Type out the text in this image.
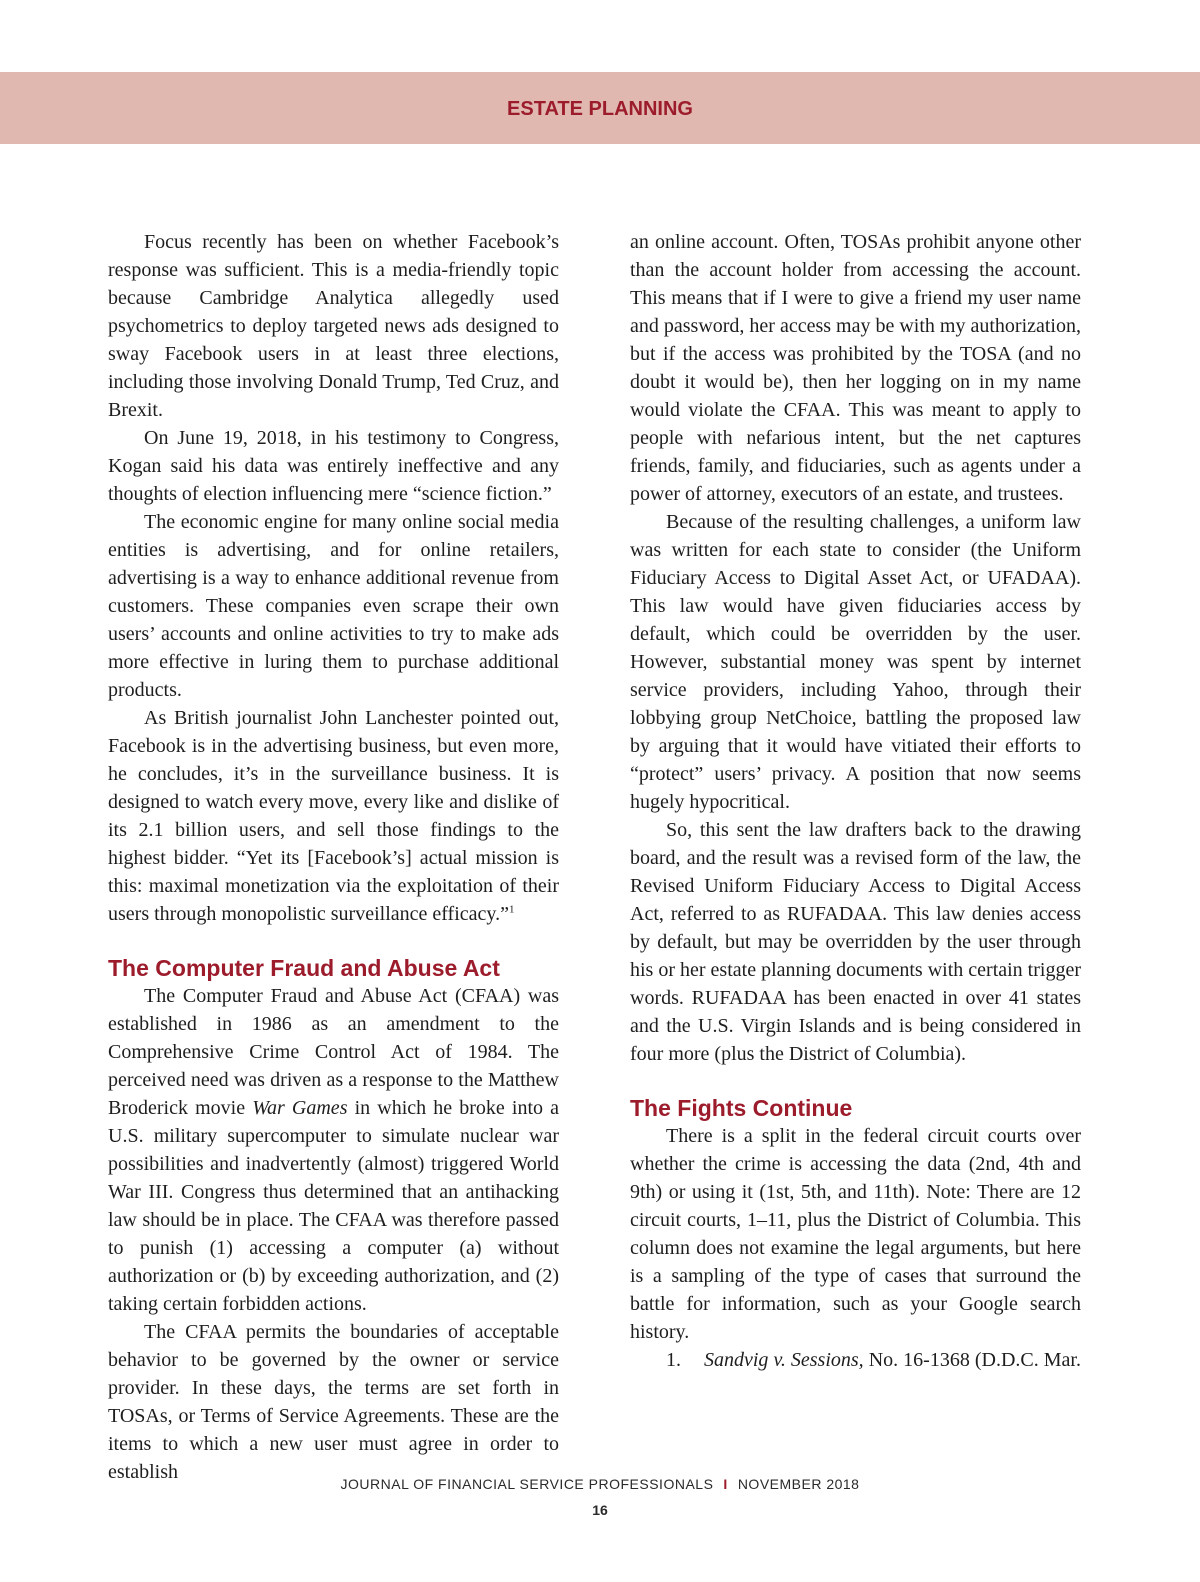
ESTATE PLANNING

Focus recently has been on whether Facebook’s response was sufficient. This is a media-friendly topic because Cambridge Analytica allegedly used psychometrics to deploy targeted news ads designed to sway Facebook users in at least three elections, including those involving Donald Trump, Ted Cruz, and Brexit.

On June 19, 2018, in his testimony to Congress, Kogan said his data was entirely ineffective and any thoughts of election influencing mere “science fiction.”

The economic engine for many online social media entities is advertising, and for online retailers, advertising is a way to enhance additional revenue from customers. These companies even scrape their own users’ accounts and online activities to try to make ads more effective in luring them to purchase additional products.

As British journalist John Lanchester pointed out, Facebook is in the advertising business, but even more, he concludes, it’s in the surveillance business. It is designed to watch every move, every like and dislike of its 2.1 billion users, and sell those findings to the highest bidder. “Yet its [Facebook’s] actual mission is this: maximal monetization via the exploitation of their users through monopolistic surveillance efficacy.”$^1$

The Computer Fraud and Abuse Act

The Computer Fraud and Abuse Act (CFAA) was established in 1986 as an amendment to the Comprehensive Crime Control Act of 1984. The perceived need was driven as a response to the Matthew Broderick movie War Games in which he broke into a U.S. military supercomputer to simulate nuclear war possibilities and inadvertently (almost) triggered World War III. Congress thus determined that an antihacking law should be in place. The CFAA was therefore passed to punish (1) accessing a computer (a) without authorization or (b) by exceeding authorization, and (2) taking certain forbidden actions.

The CFAA permits the boundaries of acceptable behavior to be governed by the owner or service provider. In these days, the terms are set forth in TOSAs, or Terms of Service Agreements. These are the items to which a new user must agree in order to establish

an online account. Often, TOSAs prohibit anyone other than the account holder from accessing the account. This means that if I were to give a friend my user name and password, her access may be with my authorization, but if the access was prohibited by the TOSA (and no doubt it would be), then her logging on in my name would violate the CFAA. This was meant to apply to people with nefarious intent, but the net captures friends, family, and fiduciaries, such as agents under a power of attorney, executors of an estate, and trustees.

Because of the resulting challenges, a uniform law was written for each state to consider (the Uniform Fiduciary Access to Digital Asset Act, or UFADAA). This law would have given fiduciaries access by default, which could be overridden by the user. However, substantial money was spent by internet service providers, including Yahoo, through their lobbying group NetChoice, battling the proposed law by arguing that it would have vitiated their efforts to “protect” users’ privacy. A position that now seems hugely hypocritical.

So, this sent the law drafters back to the drawing board, and the result was a revised form of the law, the Revised Uniform Fiduciary Access to Digital Access Act, referred to as RUFADAA. This law denies access by default, but may be overridden by the user through his or her estate planning documents with certain trigger words. RUFADAA has been enacted in over 41 states and the U.S. Virgin Islands and is being considered in four more (plus the District of Columbia).

The Fights Continue

There is a split in the federal circuit courts over whether the crime is accessing the data (2nd, 4th and 9th) or using it (1st, 5th, and 11th). Note: There are 12 circuit courts, 1–11, plus the District of Columbia. This column does not examine the legal arguments, but here is a sampling of the type of cases that surround the battle for information, such as your Google search history.

1.	Sandvig v. Sessions, No. 16-1368 (D.D.C. Mar.

JOURNAL OF FINANCIAL SERVICE PROFESSIONALS I NOVEMBER 2018
16
